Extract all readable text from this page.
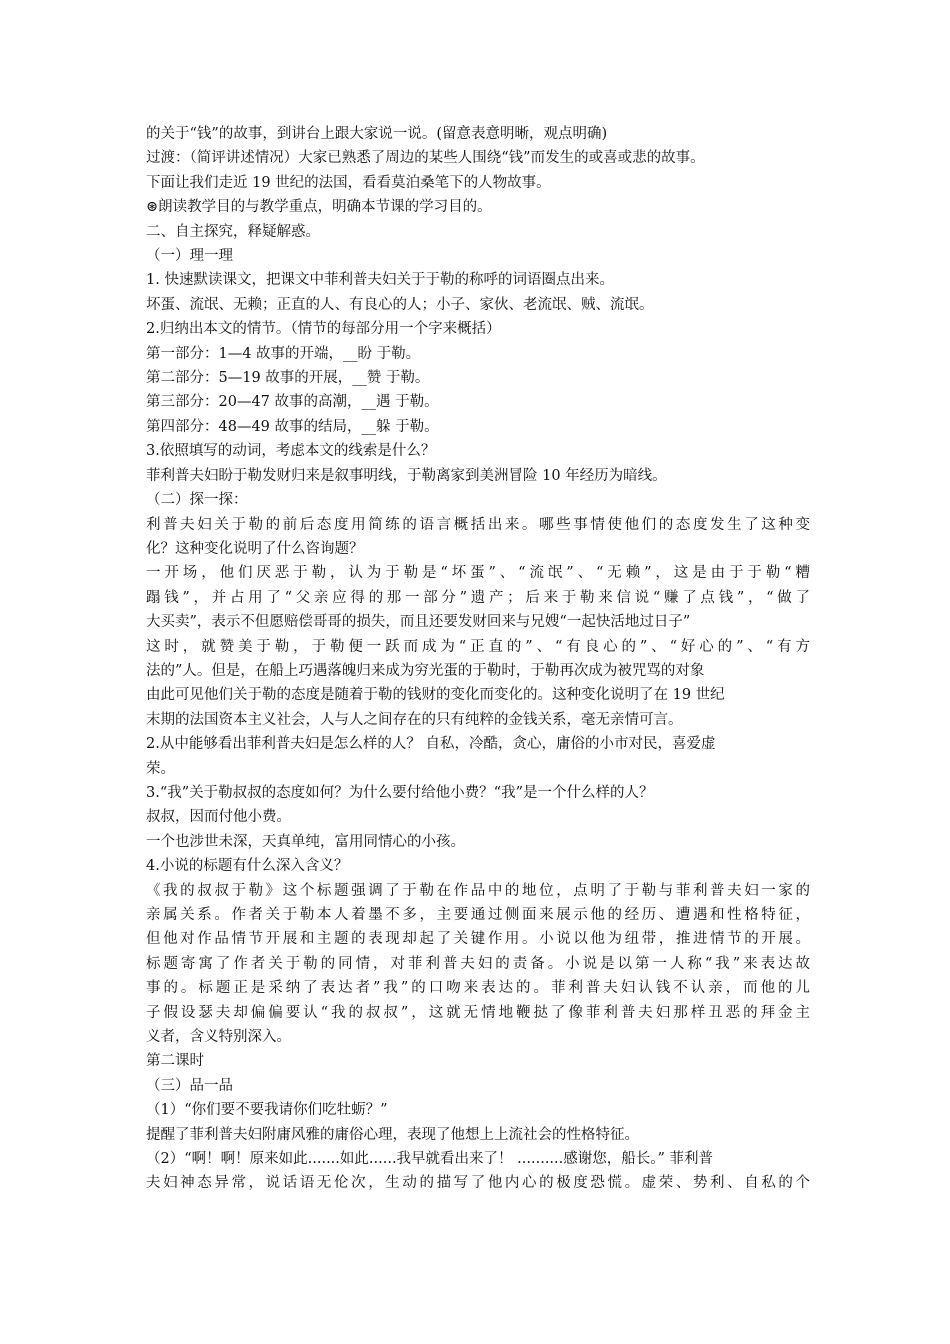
的关于“钱”的故事，到讲台上跟大家说一说。(留意表意明晰，观点明确)
过渡：（简评讲述情况）大家已熟悉了周边的某些人围绕“钱”而发生的或喜或悲的故事。
下面让我们走近 19 世纪的法国，看看莫泊桑笔下的人物故事。
⊛朗读教学目的与教学重点，明确本节课的学习目的。
二、自主探究，释疑解惑。
（一）理一理
1. 快速默读课文，把课文中菲利普夫妇关于于勒的称呼的词语圈点出来。
坏蛋、流氓、无赖；正直的人、有良心的人；小子、家伙、老流氓、贼、流氓。
2.归纳出本文的情节。（情节的每部分用一个字来概括）
第一部分：1—4 故事的开端，__盼 于勒。
第二部分：5—19 故事的开展，__赞 于勒。
第三部分：20—47 故事的高潮，__遇 于勒。
第四部分：48—49 故事的结局，__躲 于勒。
3.依照填写的动词，考虑本文的线索是什么？
菲利普夫妇盼于勒发财归来是叙事明线，于勒离家到美洲冒险 10 年经历为暗线。
（二）探一探：
利普夫妇关于勒的前后态度用简练的语言概括出来。哪些事情使他们的态度发生了这种变
化？这种变化说明了什么咨询题？
一开场，他们厌恶于勒，认为于勒是“坏蛋”、“流氓”、“无赖”，这是由于于勒“糟
蹋钱”，并占用了“父亲应得的那一部分”遗产；后来于勒来信说“赚了点钱”，“做了
大买卖”，表示不但愿赔偿哥哥的损失，而且还要发财回来与兄嫂“一起快活地过日子”
这时，就赞美于勒，于勒便一跃而成为“正直的”、“有良心的”、“好心的”、“有方
法的”人。但是，在船上巧遇落魄归来成为穷光蛋的于勒时，于勒再次成为被咒骂的对象
由此可见他们关于勒的态度是随着于勒的钱财的变化而变化的。这种变化说明了在 19 世纪
末期的法国资本主义社会，人与人之间存在的只有纯粹的金钱关系，毫无亲情可言。
2.从中能够看出菲利普夫妇是怎么样的人？ 自私，冷酷，贪心，庸俗的小市对民，喜爱虚
荣。
3.“我”关于勒叔叔的态度如何？为什么要付给他小费？“我”是一个什么样的人？
叔叔，因而付他小费。
一个也涉世未深，天真单纯，富用同情心的小孩。
4.小说的标题有什么深入含义？
《我的叔叔于勒》这个标题强调了于勒在作品中的地位，点明了于勒与菲利普夫妇一家的
亲属关系。作者关于勒本人着墨不多，主要通过侧面来展示他的经历、遭遇和性格特征，
但他对作品情节开展和主题的表现却起了关键作用。小说以他为纽带，推进情节的开展。
标题寄寓了作者关于勒的同情，对菲利普夫妇的责备。小说是以第一人称“我”来表达故
事的。标题正是采纳了表达者”我”的口吻来表达的。菲利普夫妇认钱不认亲，而他的儿
子假设瑟夫却偏偏要认“我的叔叔”，这就无情地鞭挞了像菲利普夫妇那样丑恶的拜金主
义者，含义特别深入。
第二课时
（三）品一品
（1）“你们要不要我请你们吃牡蛎？”
提醒了菲利普夫妇附庸风雅的庸俗心理，表现了他想上上流社会的性格特征。
（2）“啊！啊！原来如此.......如此......我早就看出来了！ ..........感谢您，船长。” 菲利普
夫妇神态异常，说话语无伦次，生动的描写了他内心的极度恐慌。虚荣、势利、自私的个
